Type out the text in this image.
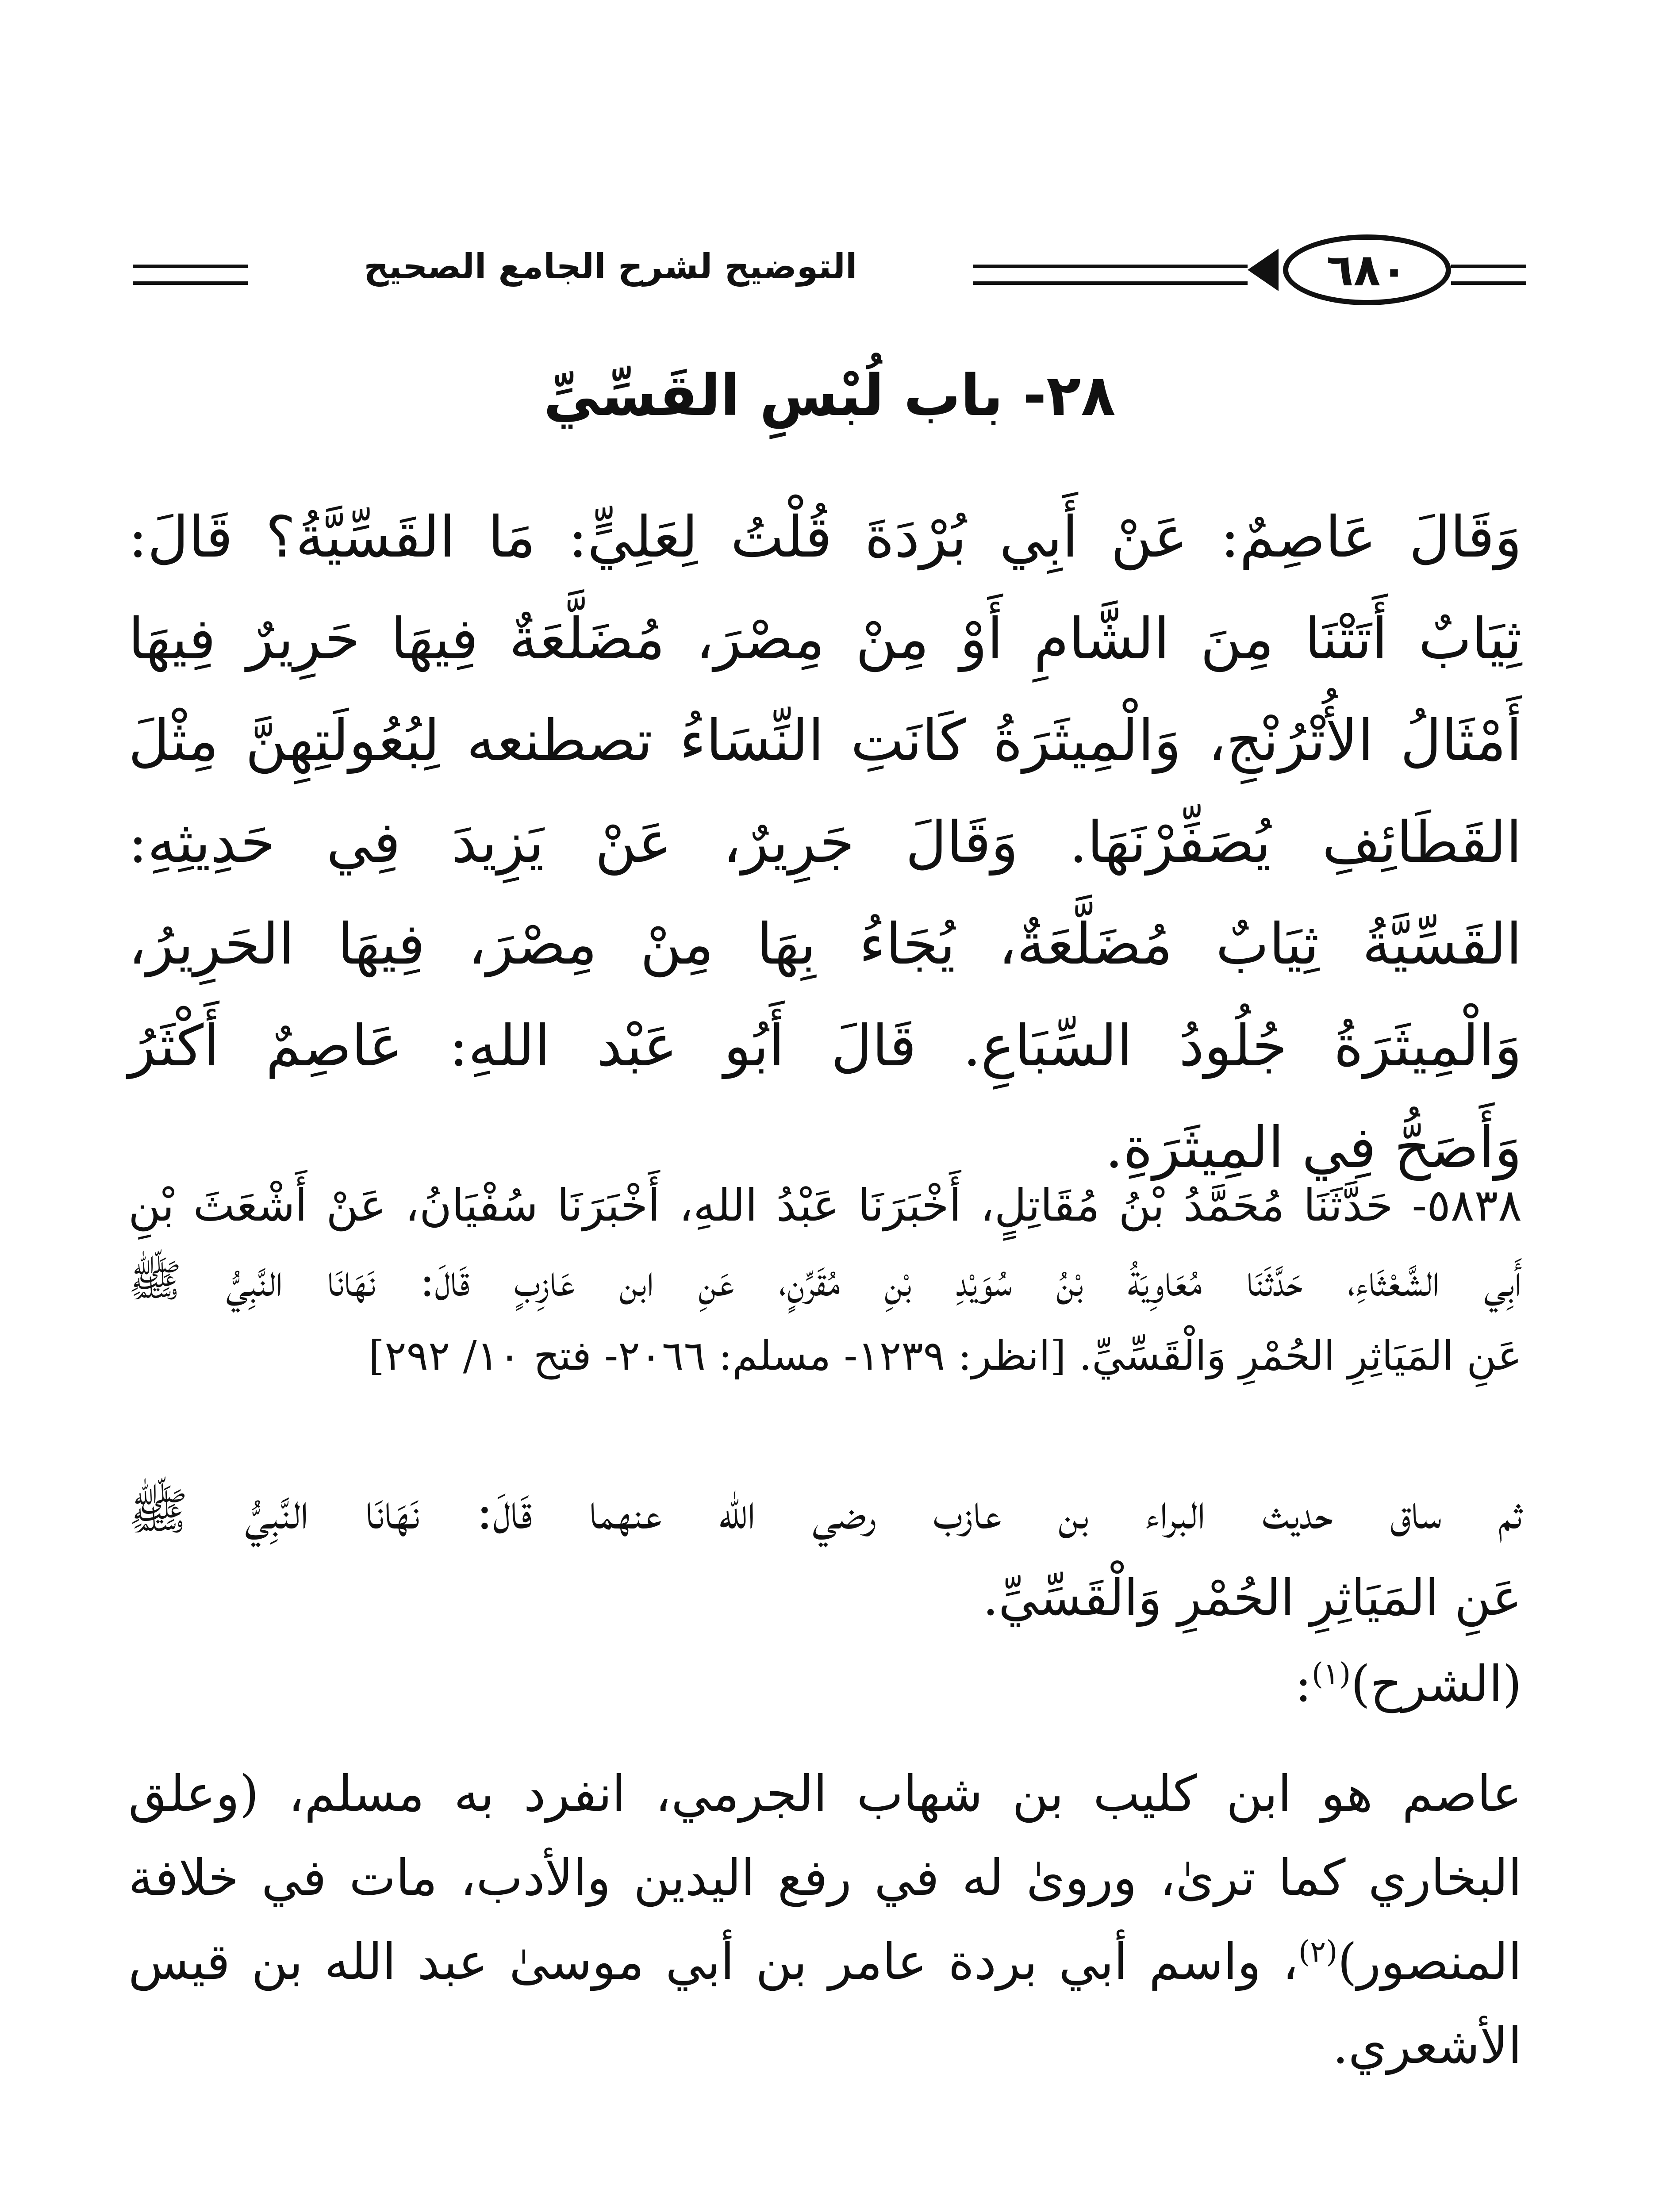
٦٨٠
التوضيح لشرح الجامع الصحيح
٢٨- باب لُبْسِ القَسِّيِّ
وَقَالَ عَاصِمٌ: عَنْ أَبِي بُرْدَةَ قُلْتُ لِعَلِيٍّ: مَا القَسِّيَّةُ؟ قَالَ:
ثِيَابٌ أَتَتْنَا مِنَ الشَّامِ أَوْ مِنْ مِصْرَ، مُضَلَّعَةٌ فِيهَا حَرِيرٌ فِيهَا
أَمْثَالُ الأُتْرُنْجِ، وَالْمِيثَرَةُ كَانَتِ النِّسَاءُ تصطنعه لِبُعُولَتِهِنَّ مِثْلَ
القَطَائِفِ يُصَفِّرْنَهَا. وَقَالَ جَرِيرٌ، عَنْ يَزِيدَ فِي حَدِيثِهِ:
القَسِّيَّةُ ثِيَابٌ مُضَلَّعَةٌ، يُجَاءُ بِهَا مِنْ مِصْرَ، فِيهَا الحَرِيرُ،
وَالْمِيثَرَةُ جُلُودُ السِّبَاعِ. قَالَ أَبُو عَبْد اللهِ: عَاصِمٌ أَكْثَرُ
وَأَصَحُّ فِي المِيثَرَةِ.
٥٨٣٨- حَدَّثَنَا مُحَمَّدُ بْنُ مُقَاتِلٍ، أَخْبَرَنَا عَبْدُ اللهِ، أَخْبَرَنَا سُفْيَانُ، عَنْ أَشْعَثَ بْنِ
أَبِي الشَّعْثَاءِ، حَدَّثَنَا مُعَاوِيَةُ بْنُ سُوَيْدِ بْنِ مُقَرِّنٍ، عَنِ ابن عَازِبٍ قَالَ: نَهَانَا النَّبِيُّ ﷺ
عَنِ المَيَاثِرِ الحُمْرِ وَالْقَسِّيِّ. [انظر: ١٢٣٩- مسلم: ٢٠٦٦- فتح ١٠/ ٢٩٢]
ثم ساق حديث البراء بن عازب رضي الله عنهما قَالَ: نَهَانَا النَّبِيُّ ﷺ
عَنِ المَيَاثِرِ الحُمْرِ وَالْقَسِّيِّ.
(الشرح)$^{(١)}$:
عاصم هو ابن كليب بن شهاب الجرمي، انفرد به مسلم، (وعلق
البخاري كما ترىٰ، وروىٰ له في رفع اليدين والأدب، مات في خلافة
المنصور)$^{(٢)}$، واسم أبي بردة عامر بن أبي موسىٰ عبد الله بن قيس
الأشعري.
